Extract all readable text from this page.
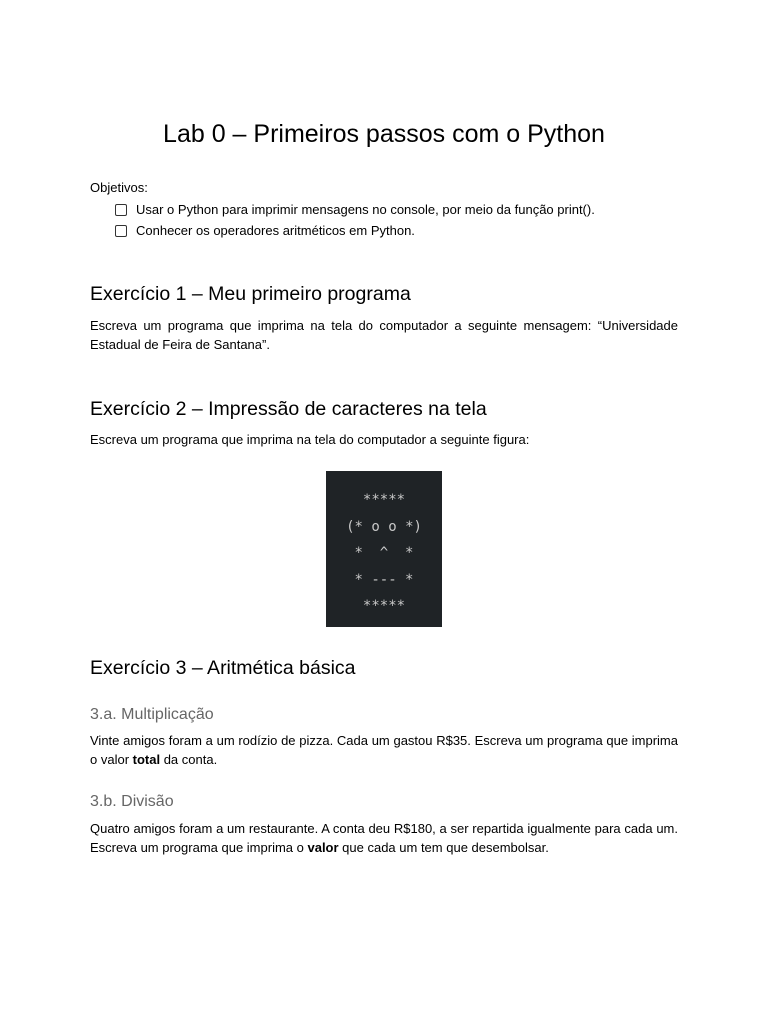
Lab 0 – Primeiros passos com o Python

Objetivos:

Usar o Python para imprimir mensagens no console, por meio da função print().
Conhecer os operadores aritméticos em Python.
Exercício 1 – Meu primeiro programa

Escreva um programa que imprima na tela do computador a seguinte mensagem: “Universidade Estadual de Feira de Santana”.

Exercício 2 – Impressão de caracteres na tela

Escreva um programa que imprima na tela do computador a seguinte figura:

*****
(* o o *)
*  ^  *
* --- *
*****
Exercício 3 – Aritmética básica
3.a. Multiplicação

Vinte amigos foram a um rodízio de pizza. Cada um gastou R$35. Escreva um programa que imprima o valor total da conta.

3.b. Divisão

Quatro amigos foram a um restaurante. A conta deu R$180, a ser repartida igualmente para cada um. Escreva um programa que imprima o valor que cada um tem que desembolsar.
